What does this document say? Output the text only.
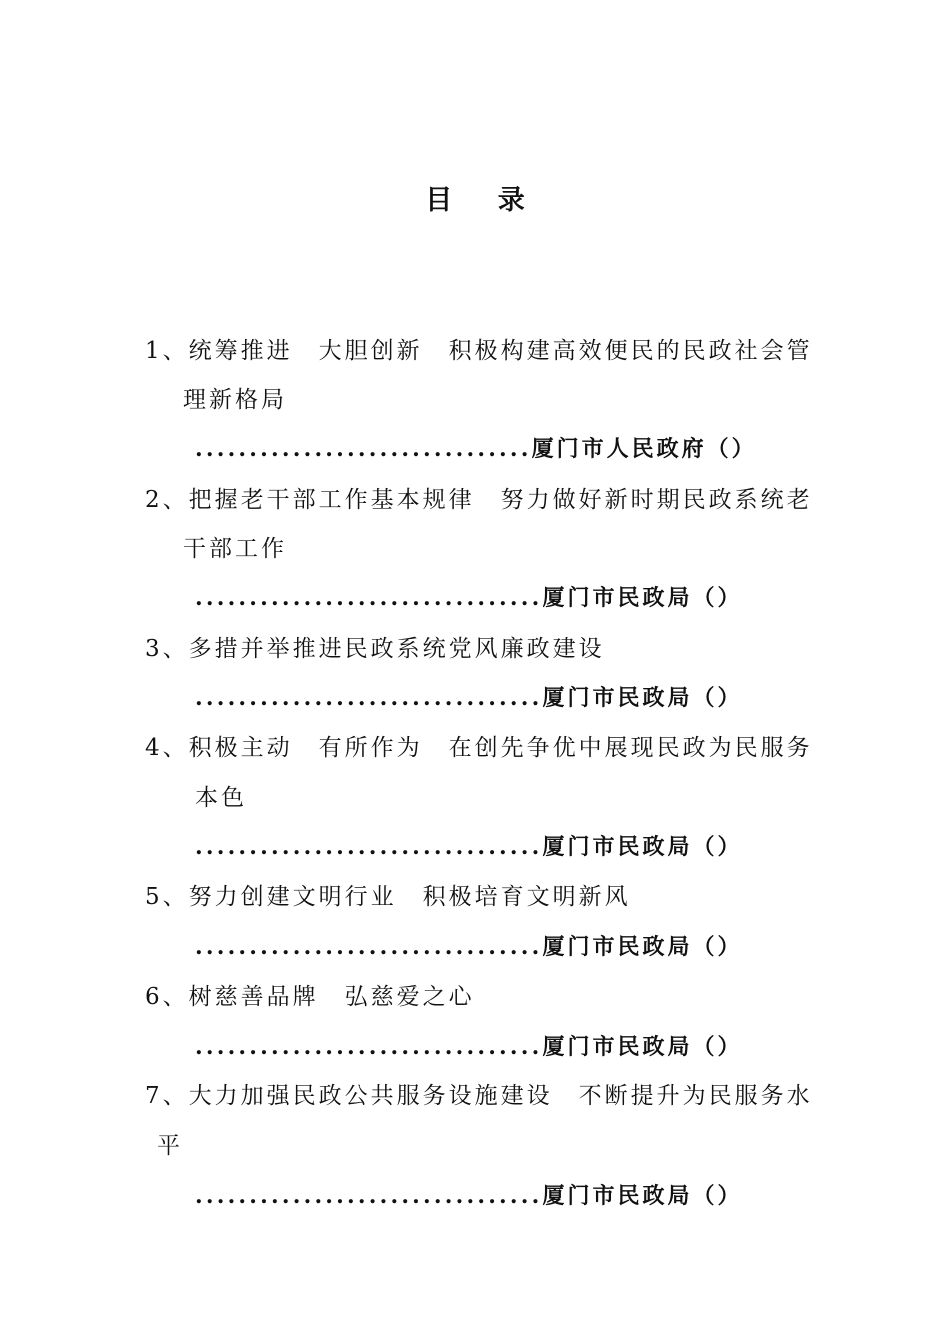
目 录
1、统筹推进　大胆创新　积极构建高效便民的民政社会管
理新格局
...............................厦门市人民政府（）
2、把握老干部工作基本规律　努力做好新时期民政系统老
干部工作
................................厦门市民政局（）
3、多措并举推进民政系统党风廉政建设
................................厦门市民政局（）
4、积极主动　有所作为　在创先争优中展现民政为民服务
本色
................................厦门市民政局（）
5、努力创建文明行业　积极培育文明新风
................................厦门市民政局（）
6、树慈善品牌　弘慈爱之心
................................厦门市民政局（）
7、大力加强民政公共服务设施建设　不断提升为民服务水
平
................................厦门市民政局（）
